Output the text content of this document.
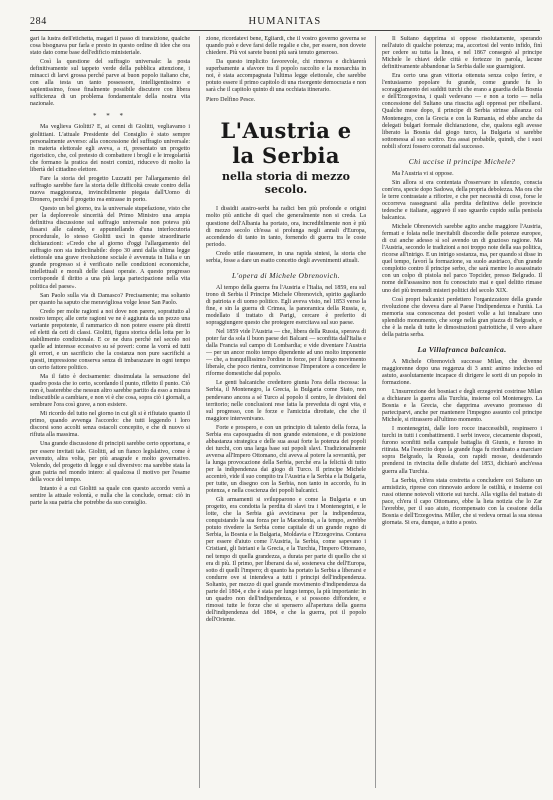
284	HUMANITAS

gari la lustra dell'etichetta, magari il passo di transizione, qualche cosa bisognava pur farla e presto in questo ordine di idee che ora stato dato come base dell'edificio ministeriale.

Così la questione del suffragio universale: la posta definitivamente sul tappeto verde della pubblica attenzione, i minacci di larvi grossa perché parve ai buon popolo italiano che, con alla testa un tanto possessore, intelligentissimo e sapientissimo, fosse finalmente possibile discutere con libera sufficienza di un problema fondamentale della nostra vita nazionale.

* * *

Ma veglieva Giolitti? E, ai cenni di Giolitti, vegliavamo i giolittiani. L'attuale Presidente del Consiglio è stato sempre personalmente avverso: alla concessione del suffragio universale: in materia elettorale egli aveva, a ri, presentato un progetto rigoristico, che, col pretesto di combattere i brogli e le irregolarità che formano la pratica dei nostri comizi, riducevo di molto la libertà del cittadino elettore.

Fare la storia del progetto Luzzatti per l'allargamento del suffragio sarebbe fare la storia delle difficoltà create contro della nuova maggioranza, invincibilmente piegata dall'Uomo di Dronero, perché il progetto rea entrasse in porto.

Questo un bel giorno, tra la universale stupefazione, visto che per la deplorevole sincerità del Primo Ministro una ampia definitiva discussione sul suffragio universale non poteva più fissarsi alle calende, e appuntellando d'una interlocutoria procedurale, lo stesso Giolitti uscì in queste straordinarie dichiarazioni: «Credo che al giorno d'oggi l'allargamento del suffragio non sia indeclinabile: dopo 30 anni dalla ultima legge elettorale una grave rivoluzione sociale è avvenuta in Italia e un grande progresso si è verificato nelle condizioni economiche, intellettuali e morali delle classi operaie. A questo progresso corrisponde il diritto a una più larga partecipazione nella vita politica del paese».

San Paolo sulla via di Damasco? Precisamente; ma soltanto per quanto ha saputo che meravigliosa volge lesse San Paolo.

Credo per molte ragioni a noi dove non parere, soprattutto al nostro tempo; alle certe ragioni ve ne è aggiunta da un pezzo una variante prepotente, il rammarico di non potere essere più diretti ed eletti da ceti di classi. Giolitti, figura storica della lotta per lo stabilimento condizionale. E ce ne dura perché nel secolo noi quelle ad interesse eccessivo su sé poveri: come la vorrà ed tutti gli errori, e un sacrificio che la costanza non pure sacrifichi a questi, impressione conserva senza di imbarazzare in ogni tempo un certo fattore politico.

Ma il fatto è decisamente: dissimulata la sensazione del quadro posta che io certo, scordando il punto, rifletto il punto. Ciò non è, basterebbe che nessun altro sarebbe partito da esso a misura indiscutibile a cambiare, e non vi è che cosa, sopra ciò i giornali, a sembrare l'ora così grave, a non esistere.

Mi ricordo del tutto nel giorno in cui gli si è rifiutato quanto il primo, quando avvenga l'accordo: che tutti leggendo i loro discorsi sono accolti senza ostacoli concepito, e che di nuovo si rifiuta alla massima.

Una grande discussione di principii sarebbe certo opportuna, e per essere invitati tale. Giolitti, ad un fianco legislativo, come è avvenuto, altra volta, per più anagrafe e molto governativo. Volendo, del progetto di legge e sul diversivo: ma sarebbe stata la gran patria nel mondo intero: al qualcosa il motivo per l'esame della voce del tempo.

Intanto è a cui Giolitti sa quale con questo accordo verrà a sentire la attuale volontà, e nulla che la conclude, ormai: ciò in parte la sua patria che potrebbe da suo consiglio.

zione, ricordatevi bene, Egliardi, che il vostro governo governa se quando può e deve farsi delle regalie e che, per essere, non dovete chiedere. Più voi sarete buoni più sarà tenuto generoso.

Da questo implicito favorevole, chi rinnova e dichiarerà superbamente a sfavore tra il popolo raccolto e la monarchia in noi, è stata accompagnata l'ultima legge elettorale, che sarebbe potuto essere il primo capitolo di una risorgente democrazia e non sarà che il capitolo quinto di una occhiata itinerario.

Piero Delfino Pesce.

L'Austria e la Serbia
nella storia di mezzo secolo.

I dissidii austro-serbi ha radici ben più profonde e origini molto più antiche di quel che generalmente non si creda. La questione dell'Albania ha portato, ora, incredibilmente non è più di mezzo secolo ch'essa si prolunga negli annali d'Europa, accendendo di tanto in tanto, fornendo di guerra tra le coste periodo.

Credo utile riassumere, in una rapida sintesi, la storia che serbia, fosse a dare un esatto concetto degli avvenimenti attuali.

L'opera di Michele Obrenovich.

Al tempo della guerra fra l'Austria e l'Italia, nel 1859, era sul trono di Serbia il Principe Michele Obrenovich, spirito gagliardo di patriota e di uomo politico. Egli aveva visto, nel 1853 verso la fine, e sin la guerra di Crimea, la panoramica della Russia, e, modellato il trattato di Parigi, cercare è preferito di sopraggiungere questo che protegere esercitava sul suo paese.

Nel 1859 vide l'Austria — che, libera della Russia, sperava di poter far da sola il buon paese dei Balcani — sconfitta dall'Italia e dalla Francia sul campo di Lombardia; e vide diventare l'Austria — per un ancor molto tempo dipendente ad uno molto imponente — che, a tranquillissimo l'ordine in forze, per il lungo movimento liberale, che poco rientra, convincesse l'Imperatore a concedere le riforme domestiche dal popolo.

Le genti balcaniche credettero giunta l'ora della riscossa: la Serbia, il Montenegro, la Grecia, la Bulgaria come Stato, non pendevano ancora a sé Turco al popolo il centro, le divisioni del territorio; nelle conclusioni rese fatta la preveduta di ogni vita, e sul progresso, con le forze e l'amicizia dirottate, che che il maggiore intervenivano.

Forte e prospero, e con un principio di talento della forza, la Serbia era caposquadra di non grande estensione, e di posizione abbastanza strategica e delle sua assai forte la potenza dei popoli dei turchi, con una larga base sui popoli slavi. Tradizionalmente avversa all'Impero Ottomano, chi aveva al potere la sovranità, per la lunga provocazione della Serbia, perché era la felicità di tutto per la indipendenza dai giogo di Turco. Il principe Michele accentrò, vide il suo compito tra l'Austria e la Serbia e la Bulgaria, per tutte, un disegno con la Serbia, non tanto in accordo, fu in potenza, e nella coscienza dei popoli balcanici.

Gli armamenti si svilupparono e come la Bulgaria e un progetto, era condotta la perdita di slavi tra i Montenegrini, e le lotte, che la Serbia già avvicinava per la indipendenza, conquistando la sua forza per la Macedonia, a la tempo, avrebbe potuto rivedere la Serbia come capitale di un grande regno di Serbia, la Bosnia e la Bulgaria, Moldavia e l'Erzegovina. Contava per essere d'aiuto come l'Austria, la Serbia, come sapevano i Cristiani, gli Istriani e la Grecia, e la Turchia, l'Impero Ottomano, nel tempo di quella grandezza, a durata per parte di quello che si era di più. Il primo, per liberarsi da sé, sosteneva che dell'Europa, sotto di quelli l'impero; di quanto ha portato la Serbia a liberarsi e condurre ove si intendeva a tutti i principi dell'indipendenza. Soltanto, per mezzo di quel grande movimento d'indipendenza da parte del 1804, e che è stata per lungo tempo, la più importante: in un quadro non dell'indipendenza, e si possono diffondere, e rimossi tutte le forze che si spensero all'apertura della guerra dell'indipendenza del 1804, e che la guerra, poi il popolo dell'Oriente.

Il Sultano dapprima si oppose risolutamente, sperando nell'aiuto di qualche potenza; ma, accortosi del vento infido, finì per cedere su tutta la linea, e nel 1867 consegnò al principe Michele le chiavi delle città e fortezze in parola, lacune definitivamente abbandonar la Serbia dalle sue guarnigioni.

Era certo una gran vittoria ottenuta senza colpo ferire, e l'entusiasmo popolare fu grande, come grande fu lo scoraggiamento dei sudditi turchi che erano a guardia della Bosnia e dell'Erzegovina, i quali vedevano — e non a torto — nella concessione del Sultano una riuscita agli oppressi per ribellarsi. Qualche mese dopo, il principe di Serbia strinse alleanza col Montenegro, con la Grecia e con la Rumania, ed ebbe anche da delegati bulgari formale dichiarazione, che, qualora egli avesse liberato la Bosnia dal giogo turco, la Bulgaria si sarebbe sottomessa al suo scettro. Era assai probabile, quindi, che i suoi nobili sforzi fossero coronati dal successo.

Chi uccise il principe Michele?

Ma l'Austria vi si oppose.

Sin allora si era contentata d'osservare in silenzio, conscia com'era, specie dopo Sadowa, della propria debolezza. Ma ora che le terre contrastate a rifiorire, e che per necessità di cose, forse le occorreva rassegnarsi alla perdita definitiva delle provincie tedesche e italiane, aggravò il suo sguardo cupido sulla penisola balcanica.

Michele Obrenovich sarebbe agito anche maggiore l'Austria, fermati e folata nelle inevitabili discordie delle potenze europee, di cui anche adesso sì sol avendo un di grazioso ragione. Ma l'Austria, secondo le tradizioni a noi troppo note della sua politica, ricorse all'intrigo. E un intrigo sostanza, ma, per quando si disse in quel tempo, favorì la formazione, su suolo austriaco, d'un grande complotto contro il principe serbo, che sarà mentre lo assassinato con un colpo di pistola nel parco Topcider, presso Belgrado. Il nome dell'assassino non fu conosciuto mai e quel delitto rimase uno dei più tremendi misteri politici del secolo XIX.

Così propri balcanici perdettero l'organizzatore della grande rivoluzione che doveva dare al Paese l'indipendenza e l'unità. La memoria sua conoscenza dei posteri volle a lui innalzare uno splendido monumento, che sorge nella gran piazza di Belgrado, e che è la mela di tutte le dimostrazioni patriottiche, il vero altare della patria serba.

La Villafranca balcanica.

A Michele Obrenovich successe Milan, che divenne maggiorenne dopo una reggenza di 3 anni: animo indeciso ed astuto, assolutamente incapace di dirigere le sorti di un popolo in formazione.

L'insurrezione dei bosniaci e degli erzegovini costrinse Milan a dichiarare la guerra alla Turchia, insieme col Montenegro. La Bosnia e la Grecia, che dapprima avevano promesso di parteciparvi, anche per mantenere l'impegno assunto col principe Michele, si ritrassero all'ultimo momento.

I montenegrini, dalle loro rocce inaccessibili, respinsero i turchi in tutti i combattimenti. I serbi invece, ciecamente disposti, furono sconfitti nella campale battaglia di Giunis, e furono in ritirata. Ma l'esercito dopo la grande fuga fu riordinato a marciare sopra Belgrado, la Russia, con rapidi mosse, desiderando prendersi in rivincita delle disfatte del 1853, dichiarò anch'essa guerra alla Turchia.

La Serbia, ch'era stata costretta a concludere coi Sultano un armistizio, riprese con rinnovato ardore le ostilità, e insieme coi russi ottenne notevoli vittorie sui turchi. Alla vigilia del trattato di pace, ch'era il capo Ottomano, ebbe la lieta notizia che lo Zar l'avrebbe, per il suo aiuto, ricompensato con la cessione della Bosnia e dell'Erzegovina. Miller, che si vedeva ormai la sua stessa giornata. Si era, dunque, a tutto a posto.
